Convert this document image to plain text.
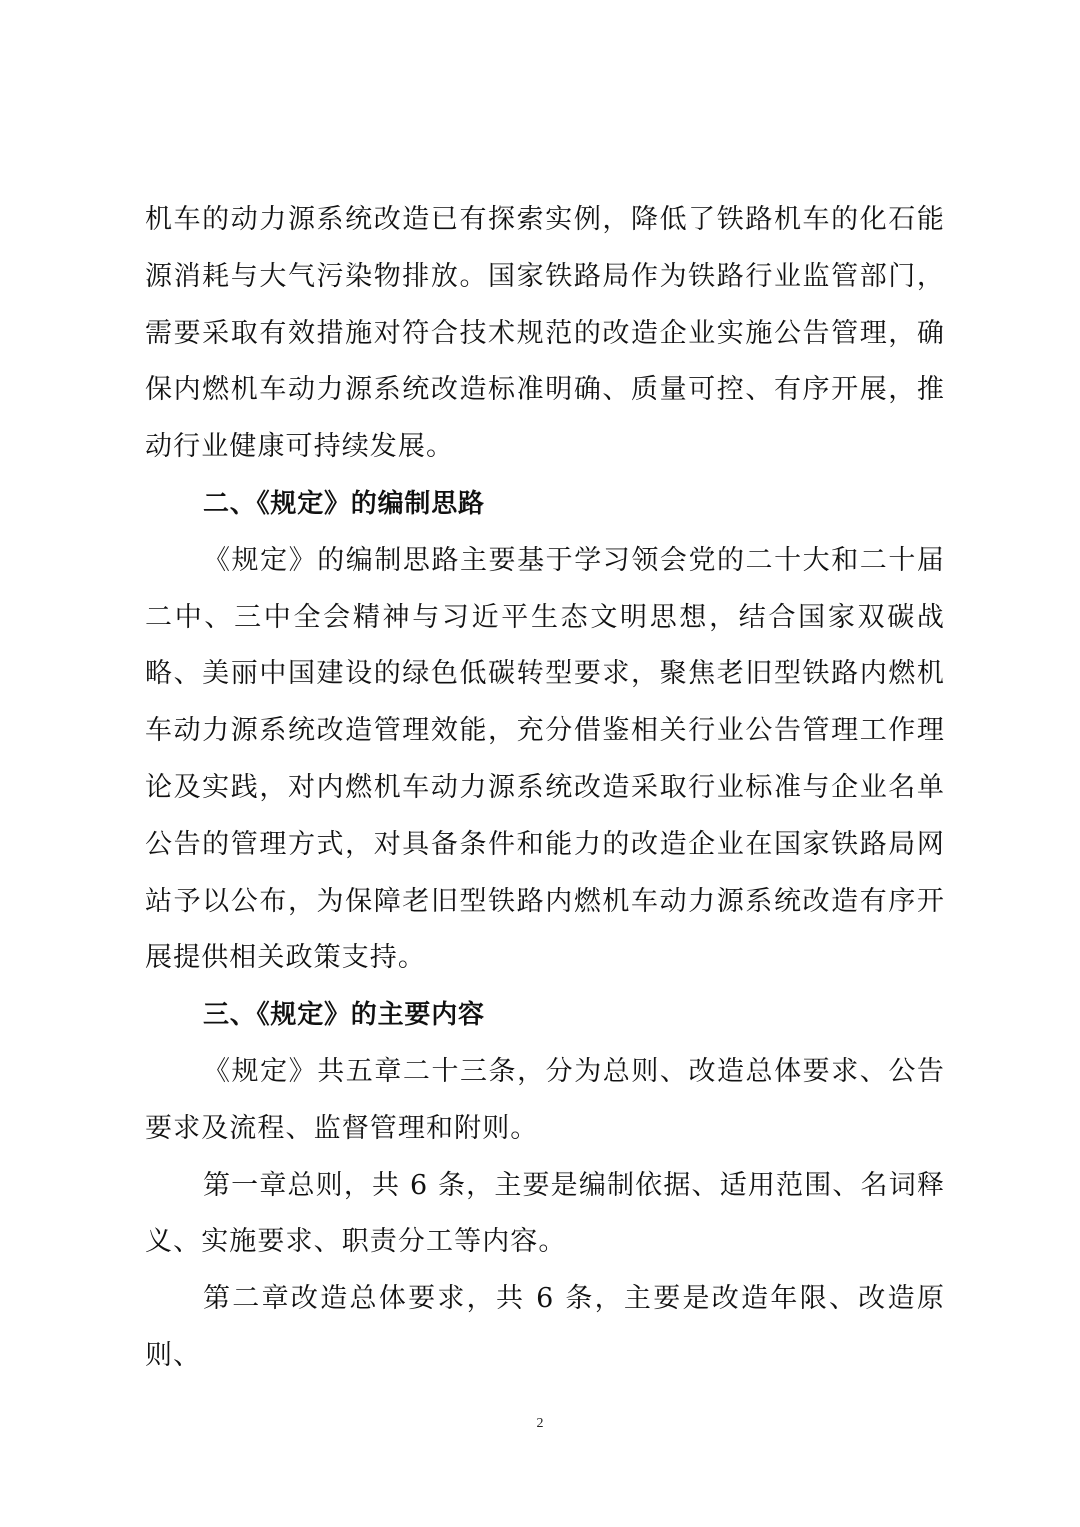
机车的动力源系统改造已有探索实例，降低了铁路机车的化石能源消耗与大气污染物排放。国家铁路局作为铁路行业监管部门，需要采取有效措施对符合技术规范的改造企业实施公告管理，确保内燃机车动力源系统改造标准明确、质量可控、有序开展，推动行业健康可持续发展。

二、《规定》的编制思路

《规定》的编制思路主要基于学习领会党的二十大和二十届二中、三中全会精神与习近平生态文明思想，结合国家双碳战略、美丽中国建设的绿色低碳转型要求，聚焦老旧型铁路内燃机车动力源系统改造管理效能，充分借鉴相关行业公告管理工作理论及实践，对内燃机车动力源系统改造采取行业标准与企业名单公告的管理方式，对具备条件和能力的改造企业在国家铁路局网站予以公布，为保障老旧型铁路内燃机车动力源系统改造有序开展提供相关政策支持。

三、《规定》的主要内容

《规定》共五章二十三条，分为总则、改造总体要求、公告要求及流程、监督管理和附则。

第一章总则，共 6 条，主要是编制依据、适用范围、名词释义、实施要求、职责分工等内容。

第二章改造总体要求，共 6 条，主要是改造年限、改造原则、

2
